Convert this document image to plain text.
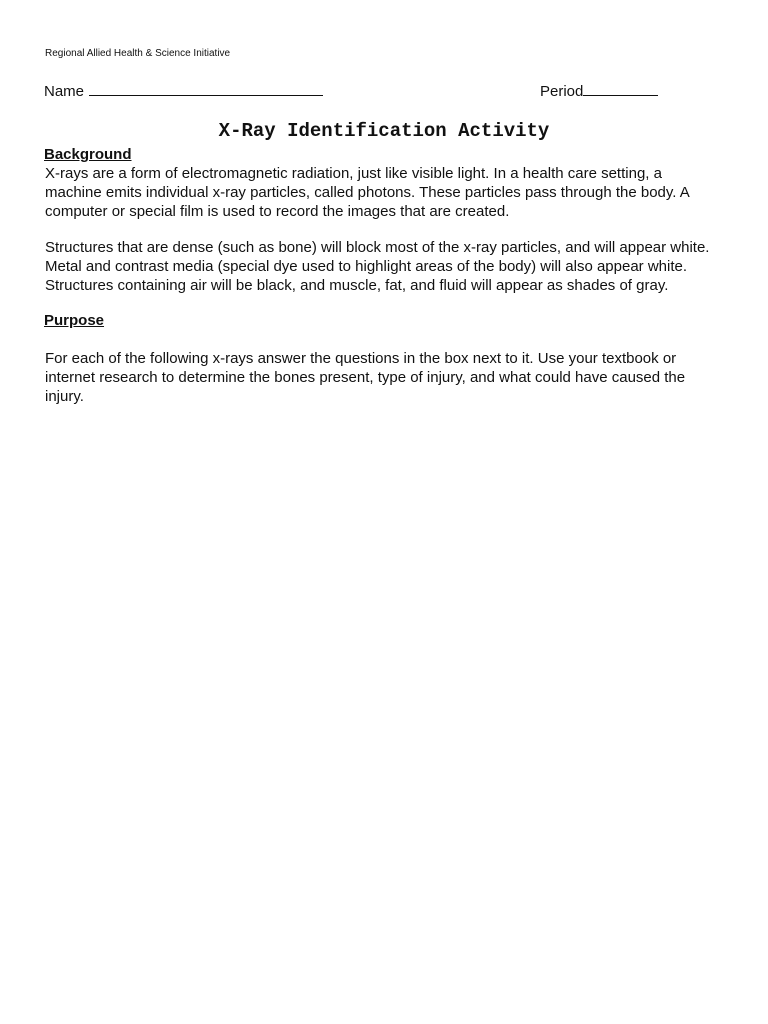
Regional Allied Health & Science Initiative
Name	Period
X-Ray Identification Activity
Background
X-rays are a form of electromagnetic radiation, just like visible light. In a health care setting, a
machine emits individual x-ray particles, called photons. These particles pass through the body. A
computer or special film is used to record the images that are created.
Structures that are dense (such as bone) will block most of the x-ray particles, and will appear white.
Metal and contrast media (special dye used to highlight areas of the body) will also appear white.
Structures containing air will be black, and muscle, fat, and fluid will appear as shades of gray.
Purpose
For each of the following x-rays answer the questions in the box next to it. Use your textbook or
internet research to determine the bones present, type of injury, and what could have caused the
injury.
